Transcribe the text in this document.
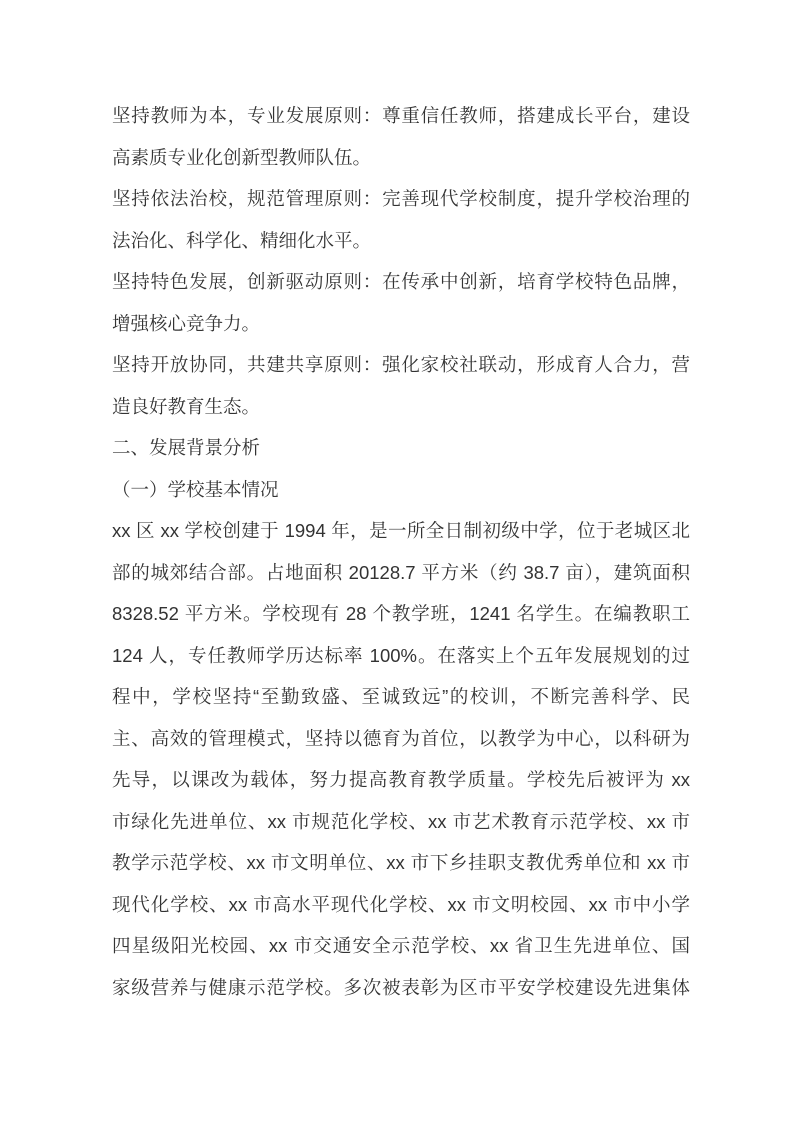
坚持教师为本，专业发展原则：尊重信任教师，搭建成长平台，建设

高素质专业化创新型教师队伍。

坚持依法治校，规范管理原则：完善现代学校制度，提升学校治理的

法治化、科学化、精细化水平。

坚持特色发展，创新驱动原则：在传承中创新，培育学校特色品牌，

增强核心竞争力。

坚持开放协同，共建共享原则：强化家校社联动，形成育人合力，营

造良好教育生态。

二、发展背景分析

（一）学校基本情况

xx 区 xx 学校创建于 1994 年，是一所全日制初级中学，位于老城区北

部的城郊结合部。占地面积 20128.7 平方米（约 38.7 亩），建筑面积

8328.52 平方米。学校现有 28 个教学班，1241 名学生。在编教职工

124 人，专任教师学历达标率 100%。在落实上个五年发展规划的过

程中，学校坚持“至勤致盛、至诚致远”的校训，不断完善科学、民

主、高效的管理模式，坚持以德育为首位，以教学为中心，以科研为

先导，以课改为载体，努力提高教育教学质量。学校先后被评为 xx

市绿化先进单位、xx 市规范化学校、xx 市艺术教育示范学校、xx 市

教学示范学校、xx 市文明单位、xx 市下乡挂职支教优秀单位和 xx 市

现代化学校、xx 市高水平现代化学校、xx 市文明校园、xx 市中小学

四星级阳光校园、xx 市交通安全示范学校、xx 省卫生先进单位、国

家级营养与健康示范学校。多次被表彰为区市平安学校建设先进集体
